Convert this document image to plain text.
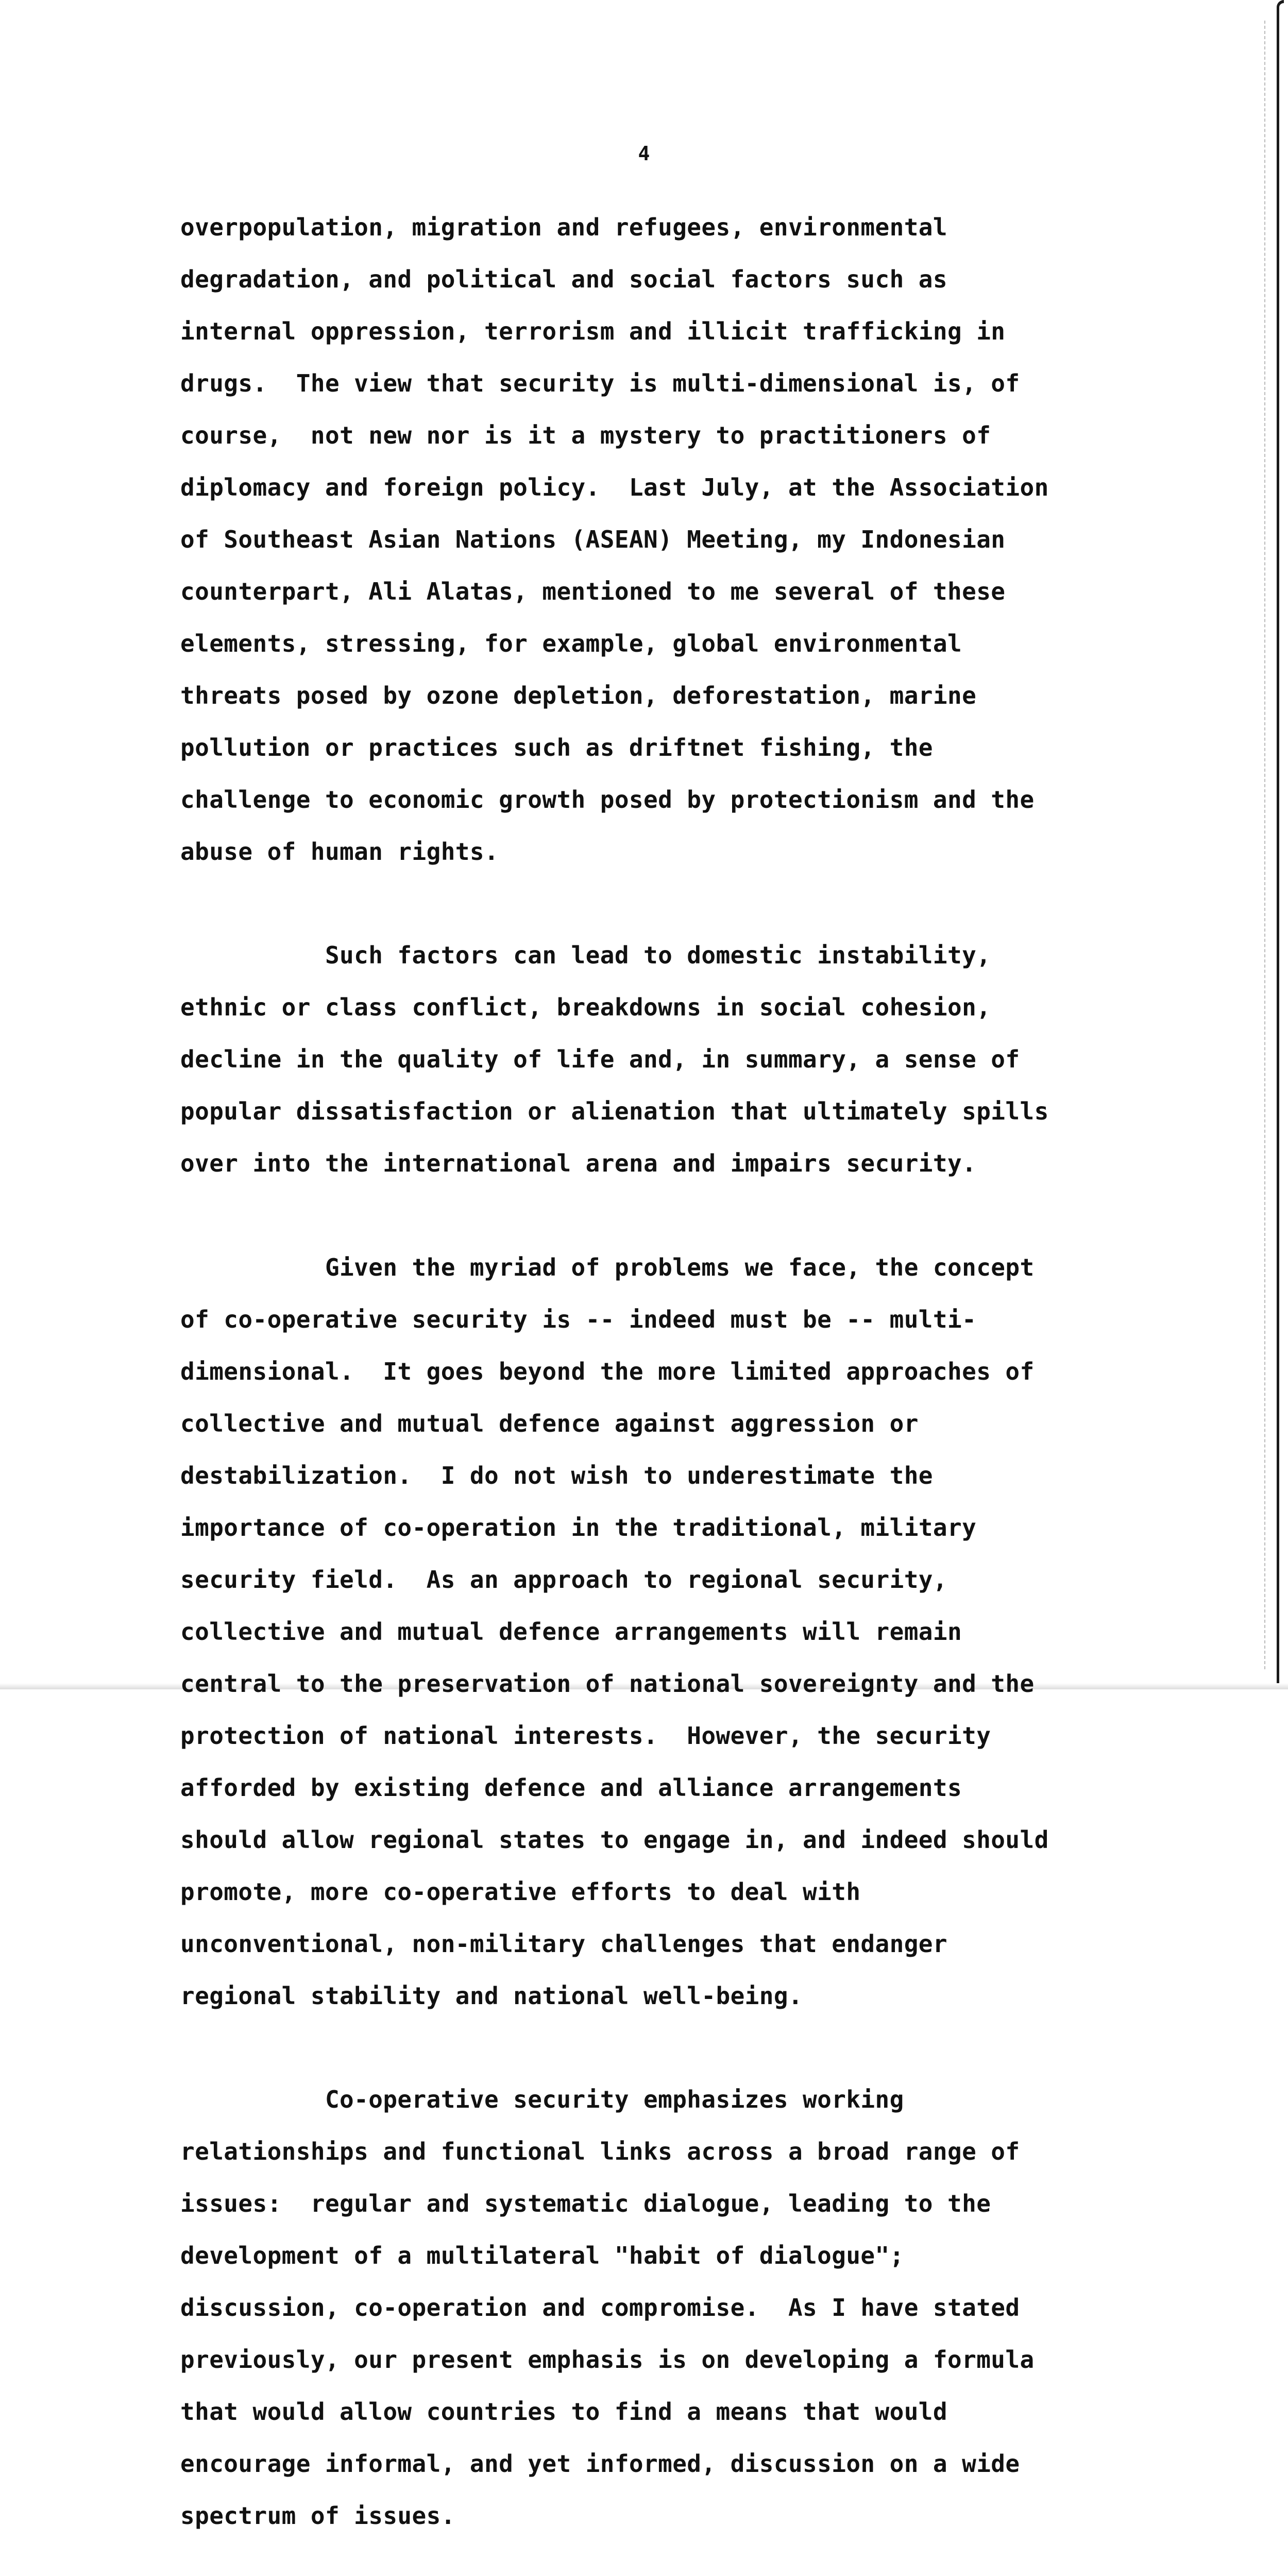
4

overpopulation, migration and refugees, environmental

degradation, and political and social factors such as

internal oppression, terrorism and illicit trafficking in

drugs.  The view that security is multi-dimensional is, of

course,  not new nor is it a mystery to practitioners of

diplomacy and foreign policy.  Last July, at the Association

of Southeast Asian Nations (ASEAN) Meeting, my Indonesian

counterpart, Ali Alatas, mentioned to me several of these

elements, stressing, for example, global environmental

threats posed by ozone depletion, deforestation, marine

pollution or practices such as driftnet fishing, the

challenge to economic growth posed by protectionism and the

abuse of human rights.

Such factors can lead to domestic instability,

ethnic or class conflict, breakdowns in social cohesion,

decline in the quality of life and, in summary, a sense of

popular dissatisfaction or alienation that ultimately spills

over into the international arena and impairs security.

Given the myriad of problems we face, the concept

of co-operative security is -- indeed must be -- multi-

dimensional.  It goes beyond the more limited approaches of

collective and mutual defence against aggression or

destabilization.  I do not wish to underestimate the

importance of co-operation in the traditional, military

security field.  As an approach to regional security,

collective and mutual defence arrangements will remain

central to the preservation of national sovereignty and the

protection of national interests.  However, the security

afforded by existing defence and alliance arrangements

should allow regional states to engage in, and indeed should

promote, more co-operative efforts to deal with

unconventional, non-military challenges that endanger

regional stability and national well-being.

Co-operative security emphasizes working

relationships and functional links across a broad range of

issues:  regular and systematic dialogue, leading to the

development of a multilateral "habit of dialogue";

discussion, co-operation and compromise.  As I have stated

previously, our present emphasis is on developing a formula

that would allow countries to find a means that would

encourage informal, and yet informed, discussion on a wide

spectrum of issues.
